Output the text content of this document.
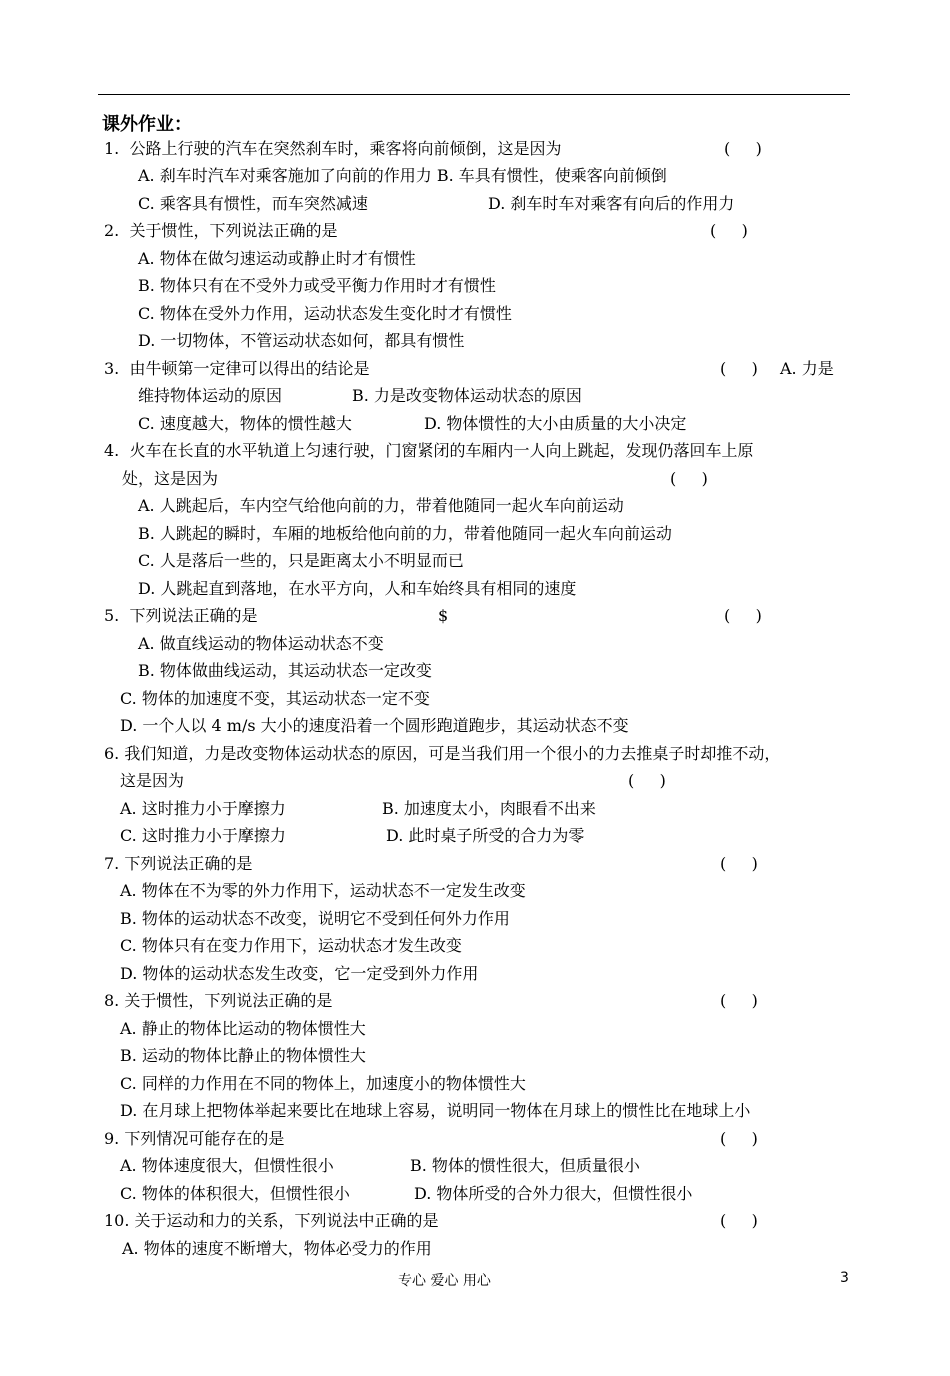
课外作业：
1.  公路上行驶的汽车在突然刹车时，乘客将向前倾倒，这是因为	(     )
A. 刹车时汽车对乘客施加了向前的作用力 B. 车具有惯性，使乘客向前倾倒
C. 乘客具有惯性，而车突然减速	D. 刹车时车对乘客有向后的作用力
2.  关于惯性，下列说法正确的是	(     )
A. 物体在做匀速运动或静止时才有惯性
B. 物体只有在不受外力或受平衡力作用时才有惯性
C. 物体在受外力作用，运动状态发生变化时才有惯性
D. 一切物体，不管运动状态如何，都具有惯性
3.  由牛顿第一定律可以得出的结论是	(     ) A. 力是
维持物体运动的原因	B. 力是改变物体运动状态的原因
C. 速度越大，物体的惯性越大	D. 物体惯性的大小由质量的大小决定
4.  火车在长直的水平轨道上匀速行驶，门窗紧闭的车厢内一人向上跳起，发现仍落回车上原
处，这是因为	(     )
A. 人跳起后，车内空气给他向前的力，带着他随同一起火车向前运动
B. 人跳起的瞬时，车厢的地板给他向前的力，带着他随同一起火车向前运动
C. 人是落后一些的，只是距离太小不明显而已
D. 人跳起直到落地，在水平方向，人和车始终具有相同的速度
5.  下列说法正确的是	$	(     )
A. 做直线运动的物体运动状态不变
B. 物体做曲线运动，其运动状态一定改变
C. 物体的加速度不变，其运动状态一定不变
D. 一个人以 4 m/s 大小的速度沿着一个圆形跑道跑步，其运动状态不变
6. 我们知道，力是改变物体运动状态的原因，可是当我们用一个很小的力去推桌子时却推不动，
这是因为	(     )
A. 这时推力小于摩擦力	B. 加速度太小，肉眼看不出来
C. 这时推力小于摩擦力	D. 此时桌子所受的合力为零
7. 下列说法正确的是	(     )
A. 物体在不为零的外力作用下，运动状态不一定发生改变
B. 物体的运动状态不改变，说明它不受到任何外力作用
C. 物体只有在变力作用下，运动状态才发生改变
D. 物体的运动状态发生改变，它一定受到外力作用
8. 关于惯性，下列说法正确的是	(     )
A. 静止的物体比运动的物体惯性大
B. 运动的物体比静止的物体惯性大
C. 同样的力作用在不同的物体上，加速度小的物体惯性大
D. 在月球上把物体举起来要比在地球上容易，说明同一物体在月球上的惯性比在地球上小
9. 下列情况可能存在的是	(     )
A. 物体速度很大，但惯性很小	B. 物体的惯性很大，但质量很小
C. 物体的体积很大，但惯性很小	D. 物体所受的合外力很大，但惯性很小
10. 关于运动和力的关系，下列说法中正确的是	(     )
A. 物体的速度不断增大，物体必受力的作用
专心 爱心 用心	3
